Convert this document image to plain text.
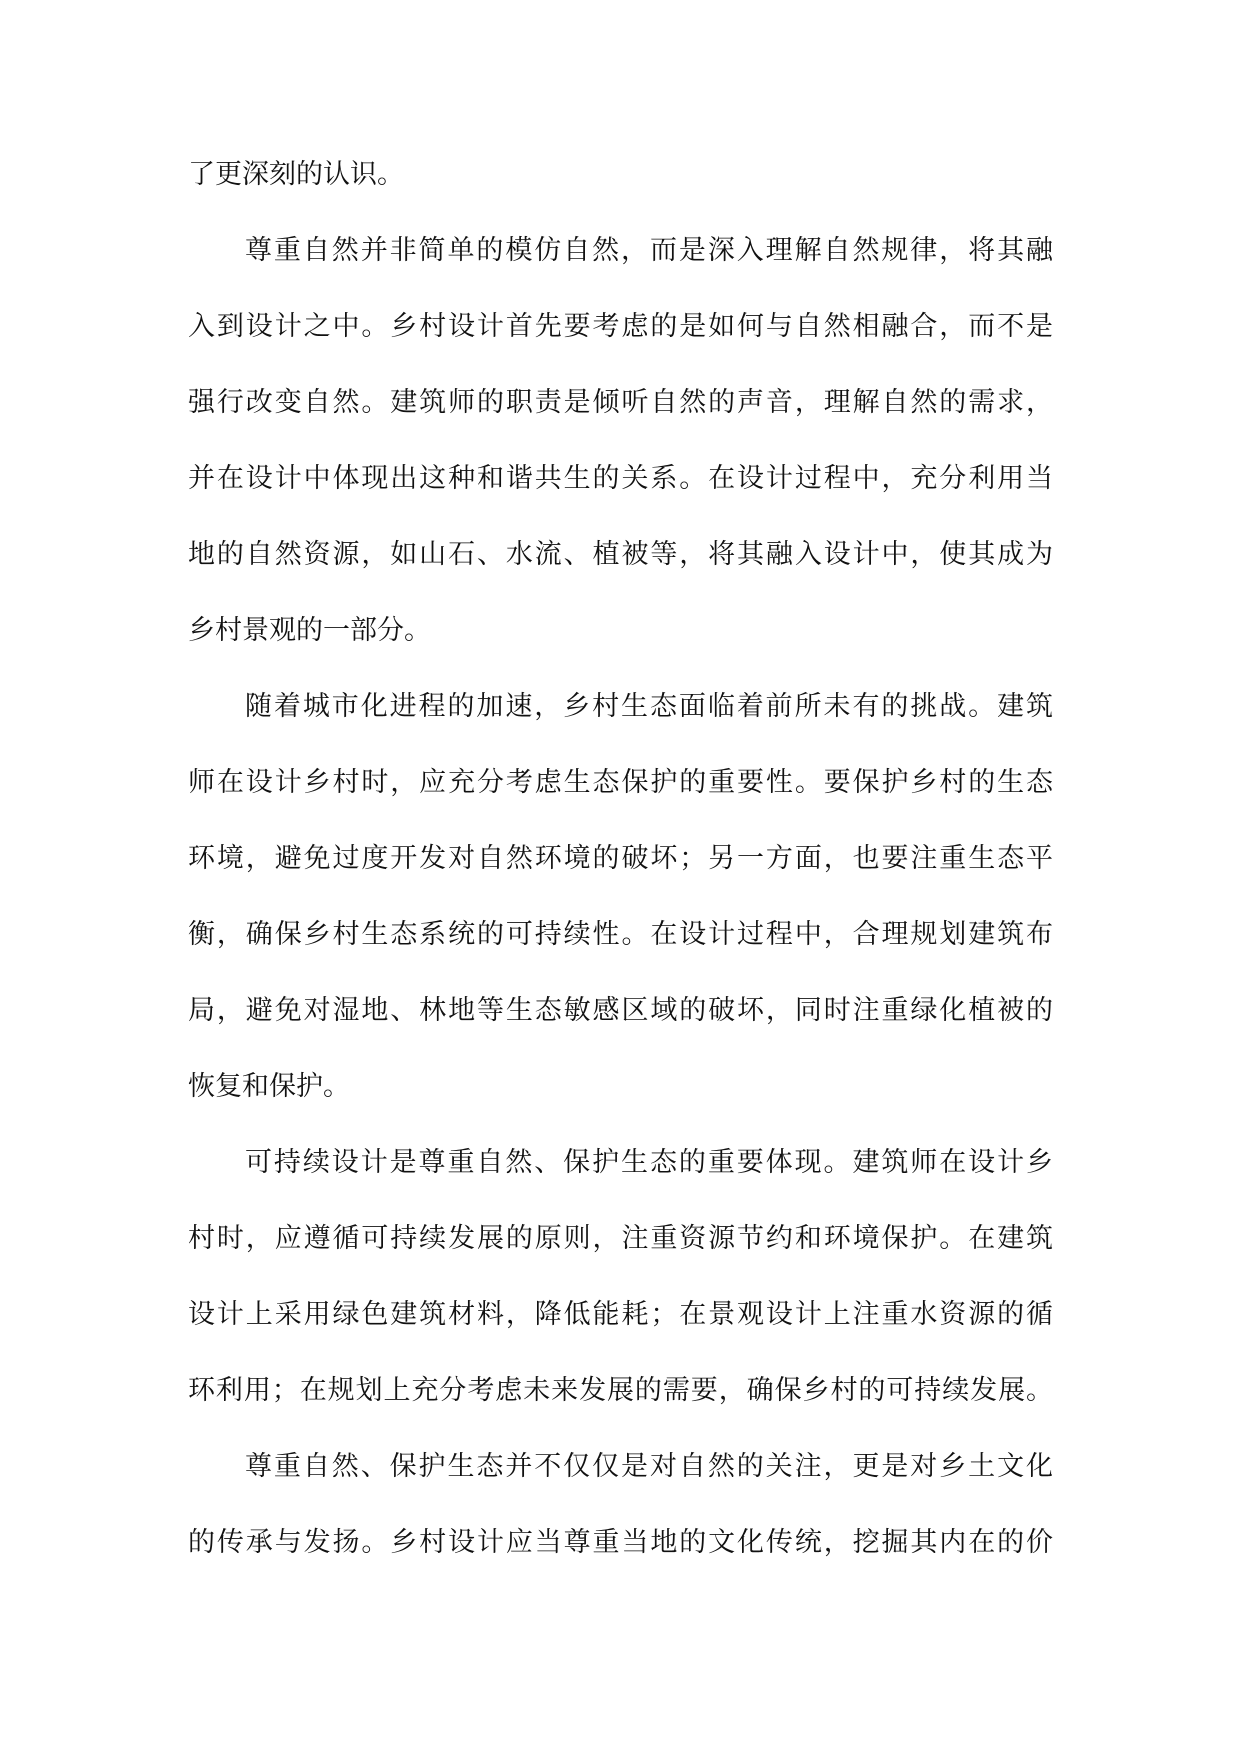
了更深刻的认识。
尊重自然并非简单的模仿自然，而是深入理解自然规律，将其融
入到设计之中。乡村设计首先要考虑的是如何与自然相融合，而不是
强行改变自然。建筑师的职责是倾听自然的声音，理解自然的需求，
并在设计中体现出这种和谐共生的关系。在设计过程中，充分利用当
地的自然资源，如山石、水流、植被等，将其融入设计中，使其成为
乡村景观的一部分。
随着城市化进程的加速，乡村生态面临着前所未有的挑战。建筑
师在设计乡村时，应充分考虑生态保护的重要性。要保护乡村的生态
环境，避免过度开发对自然环境的破坏；另一方面，也要注重生态平
衡，确保乡村生态系统的可持续性。在设计过程中，合理规划建筑布
局，避免对湿地、林地等生态敏感区域的破坏，同时注重绿化植被的
恢复和保护。
可持续设计是尊重自然、保护生态的重要体现。建筑师在设计乡
村时，应遵循可持续发展的原则，注重资源节约和环境保护。在建筑
设计上采用绿色建筑材料，降低能耗；在景观设计上注重水资源的循
环利用；在规划上充分考虑未来发展的需要，确保乡村的可持续发展。
尊重自然、保护生态并不仅仅是对自然的关注，更是对乡土文化
的传承与发扬。乡村设计应当尊重当地的文化传统，挖掘其内在的价
